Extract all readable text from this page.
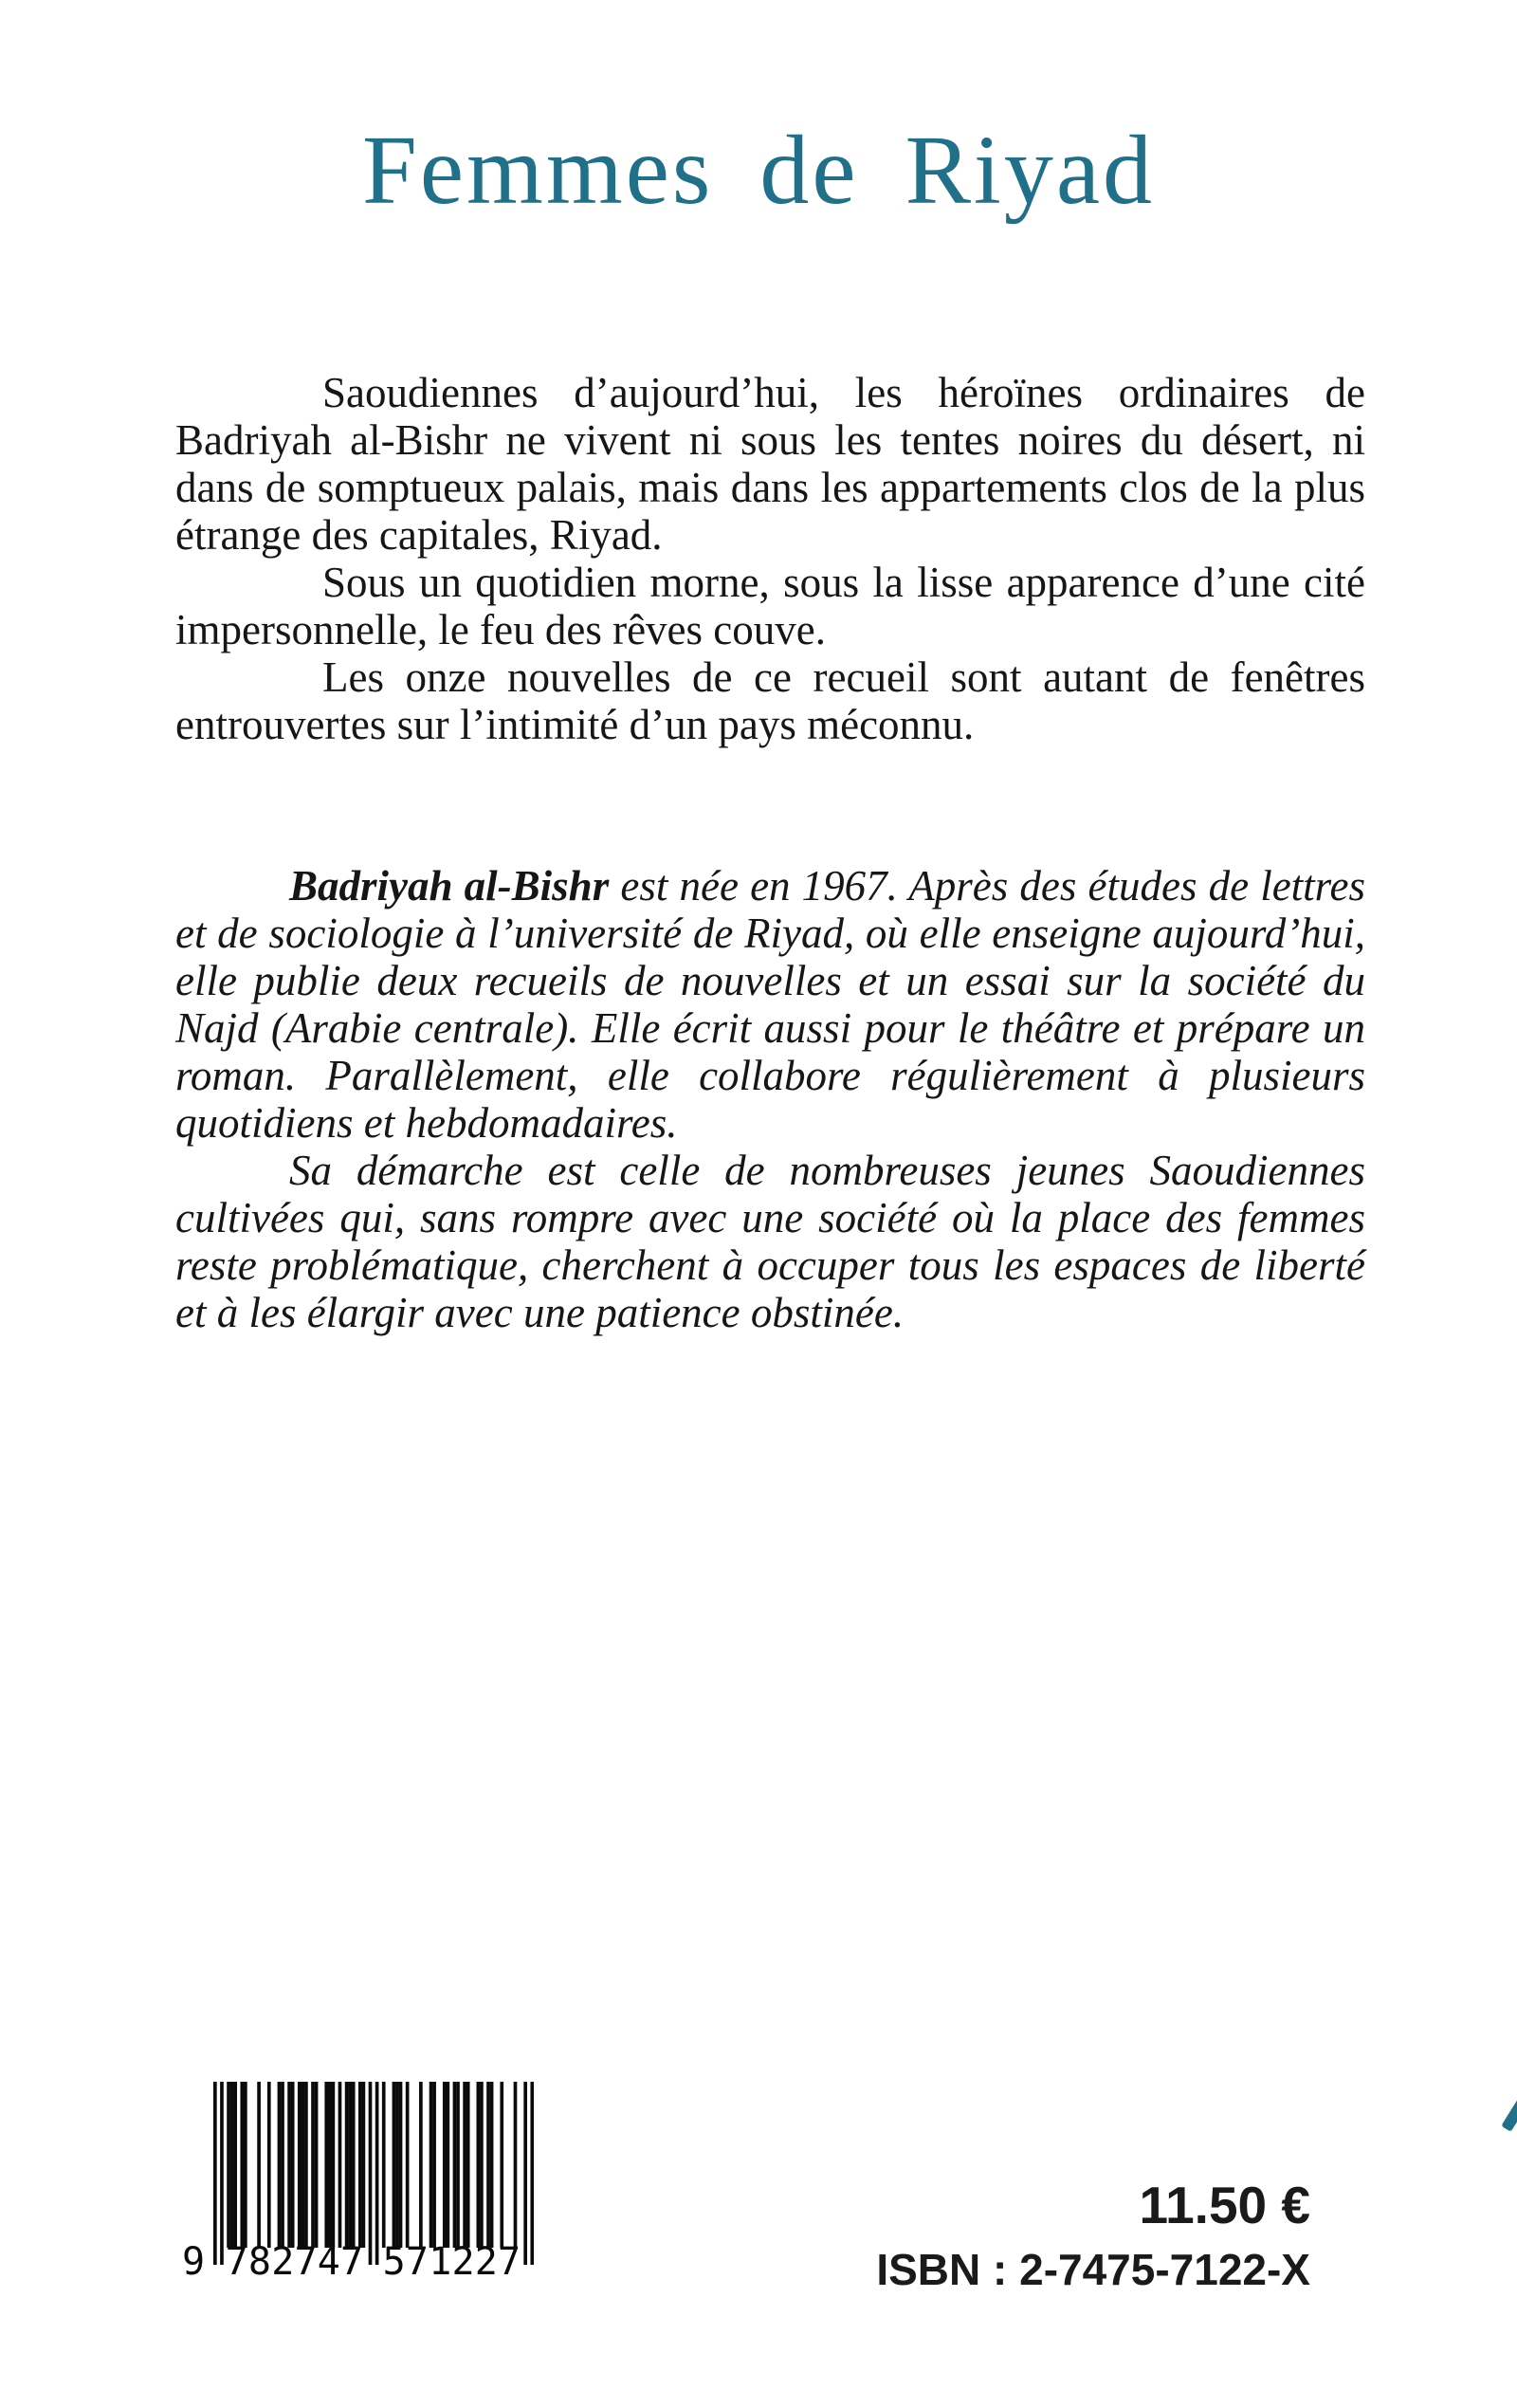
Femmes de Riyad

Saoudiennes d’aujourd’hui, les héroïnes ordinaires de Badriyah al-Bishr ne vivent ni sous les tentes noires du désert, ni dans de somptueux palais, mais dans les appartements clos de la plus étrange des capitales, Riyad.

Sous un quotidien morne, sous la lisse apparence d’une cité impersonnelle, le feu des rêves couve.

Les onze nouvelles de ce recueil sont autant de fenêtres entrouvertes sur l’intimité d’un pays méconnu.

Badriyah al-Bishr est née en 1967. Après des études de lettres et de sociologie à l’université de Riyad, où elle enseigne aujourd’hui, elle publie deux recueils de nouvelles et un essai sur la société du Najd (Arabie centrale). Elle écrit aussi pour le théâtre et prépare un roman. Parallèlement, elle collabore régulièrement à plusieurs quotidiens et hebdomadaires.

Sa démarche est celle de nombreuses jeunes Saoudiennes cultivées qui, sans rompre avec une société où la place des femmes reste problématique, cherchent à occuper tous les espaces de liberté et à les élargir avec une patience obstinée.

9 782747 571227
11.50 €
ISBN : 2-7475-7122-X
